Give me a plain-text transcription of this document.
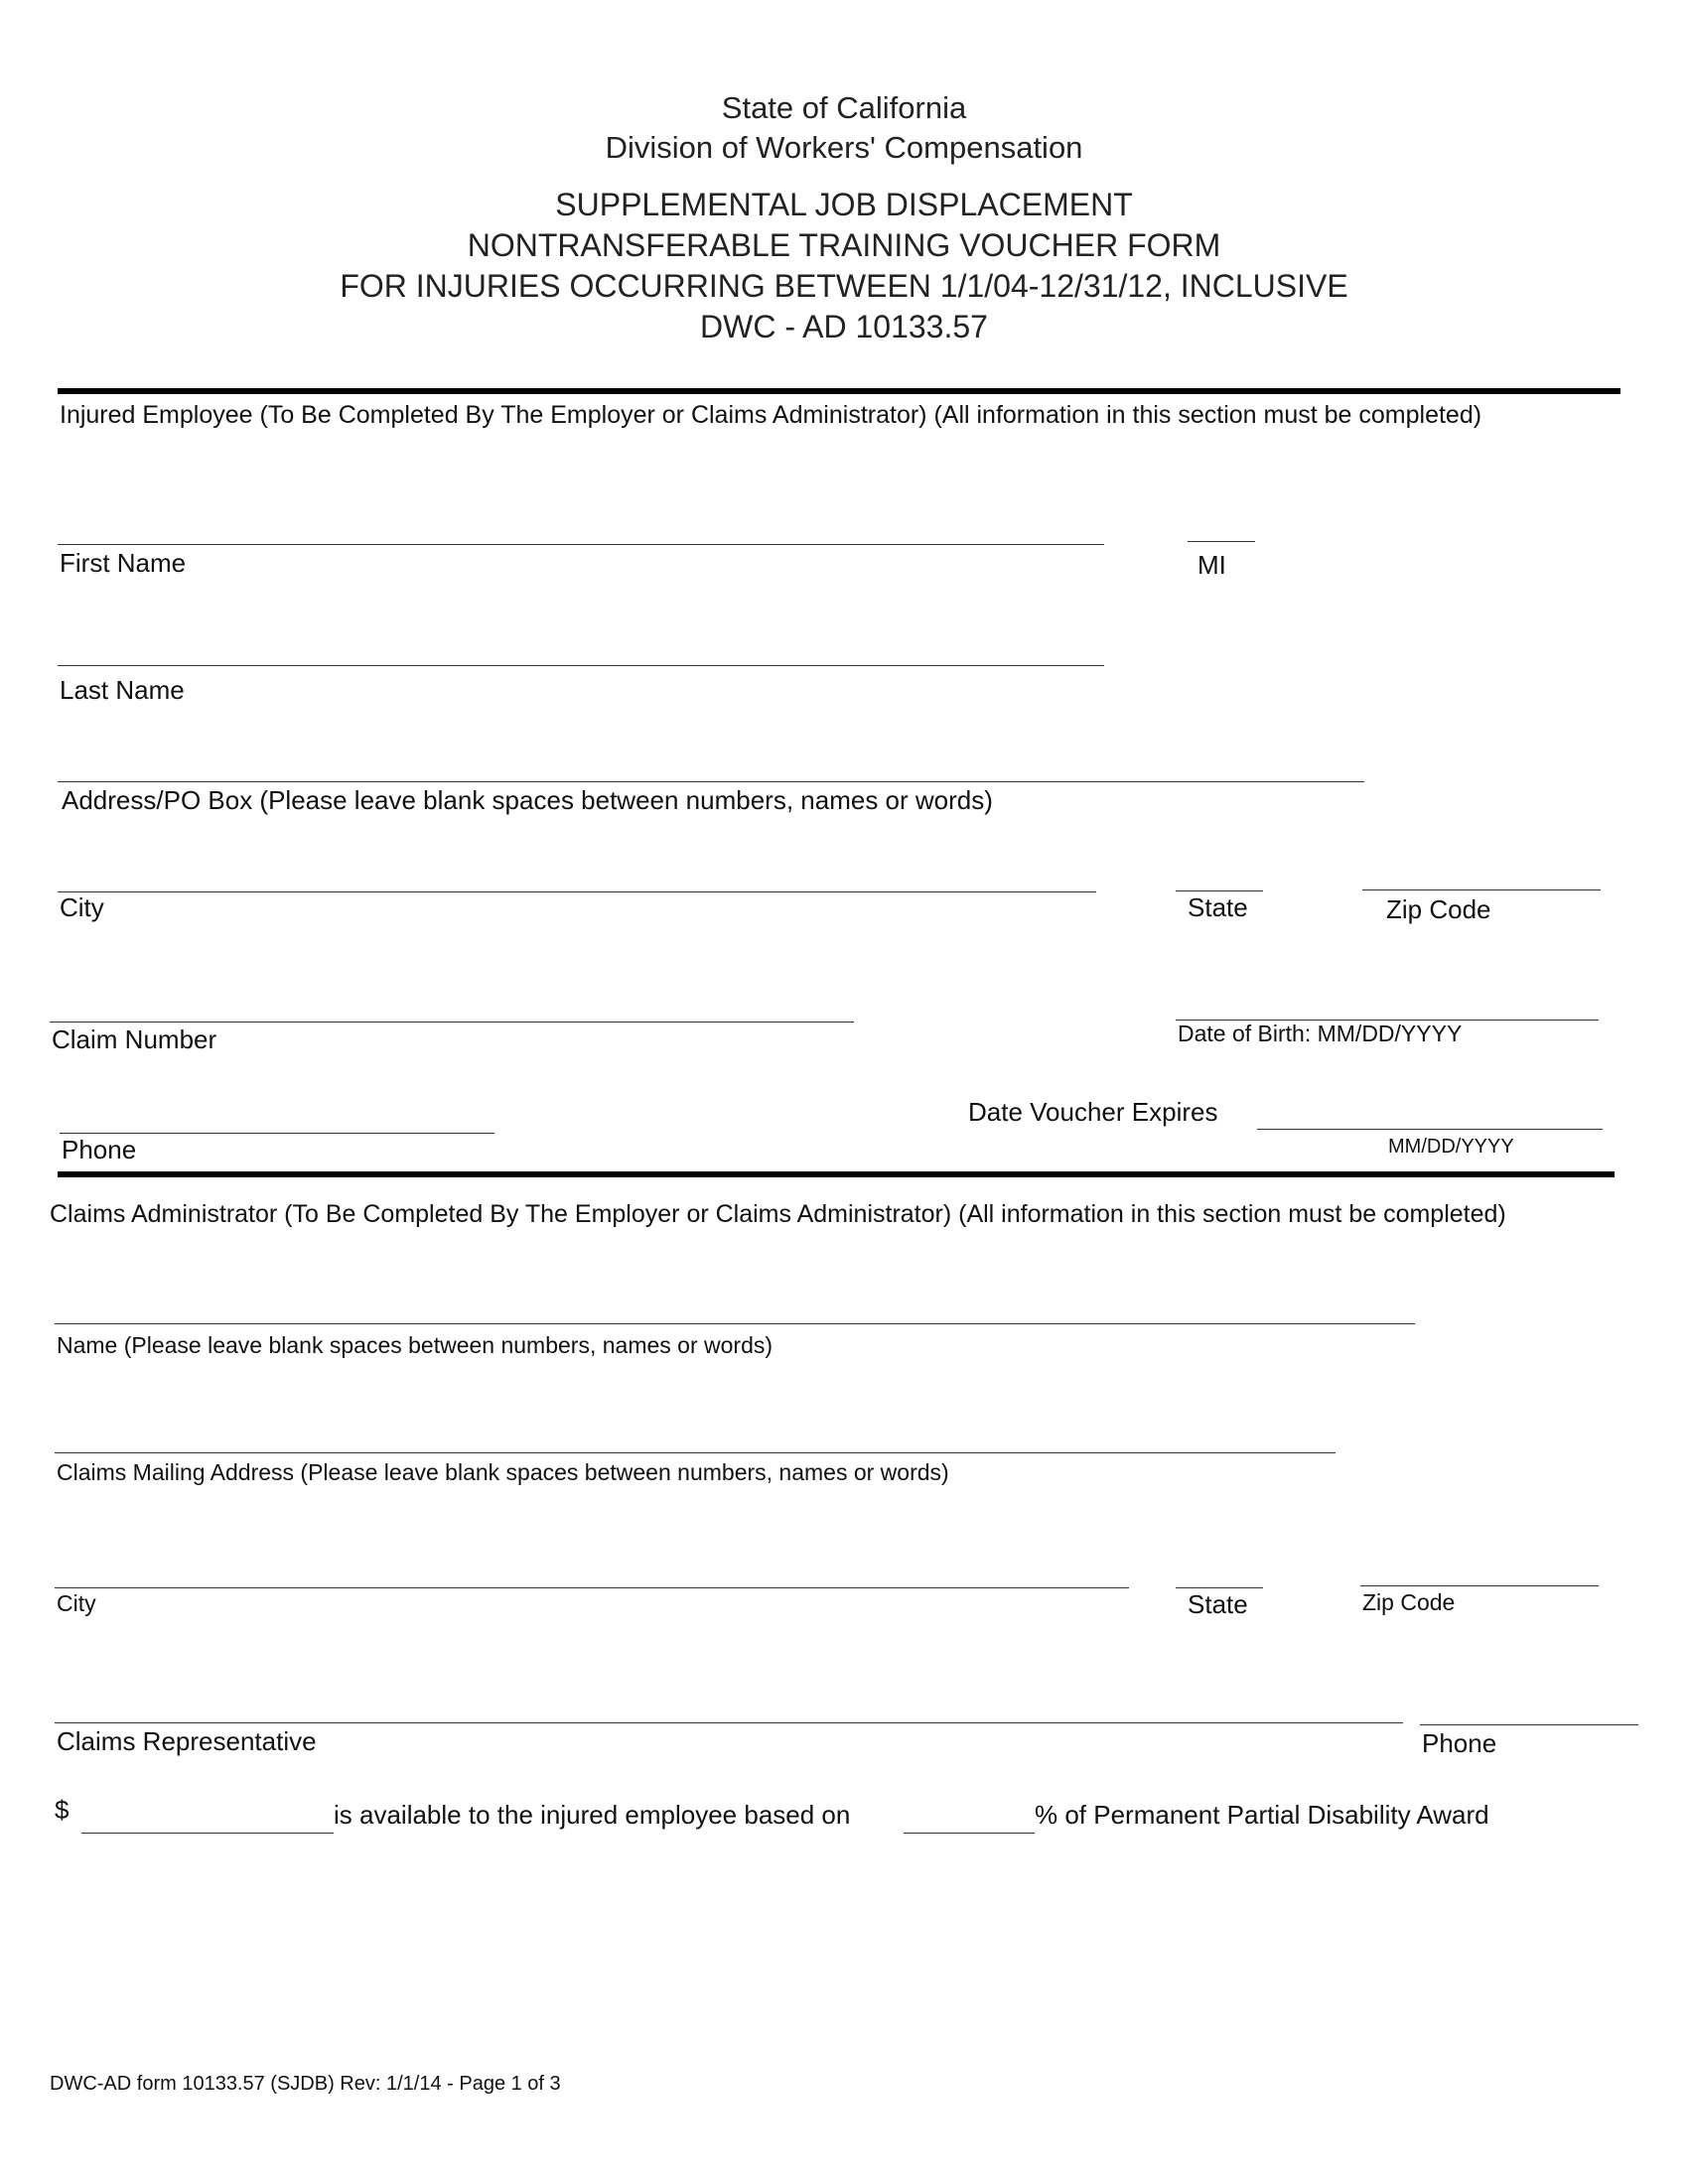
State of California
Division of Workers' Compensation
SUPPLEMENTAL JOB DISPLACEMENT
NONTRANSFERABLE TRAINING VOUCHER FORM
FOR INJURIES OCCURRING BETWEEN 1/1/04-12/31/12, INCLUSIVE
DWC - AD 10133.57
Injured Employee (To Be Completed By The Employer or Claims Administrator) (All information in this section must be completed)
First Name	MI
Last Name
Address/PO Box (Please leave blank spaces between numbers, names or words)
City	State	Zip Code
Claim Number	Date of Birth: MM/DD/YYYY
Date Voucher Expires
MM/DD/YYYY
Phone
Claims Administrator (To Be Completed By The Employer or Claims Administrator) (All information in this section must be completed)
Name (Please leave blank spaces between numbers, names or words)
Claims Mailing Address (Please leave blank spaces between numbers, names or words)
City	State	Zip Code
Claims Representative	Phone
$	is available to the injured employee based on	% of Permanent Partial Disability Award
DWC-AD form 10133.57 (SJDB) Rev: 1/1/14 - Page 1 of 3
